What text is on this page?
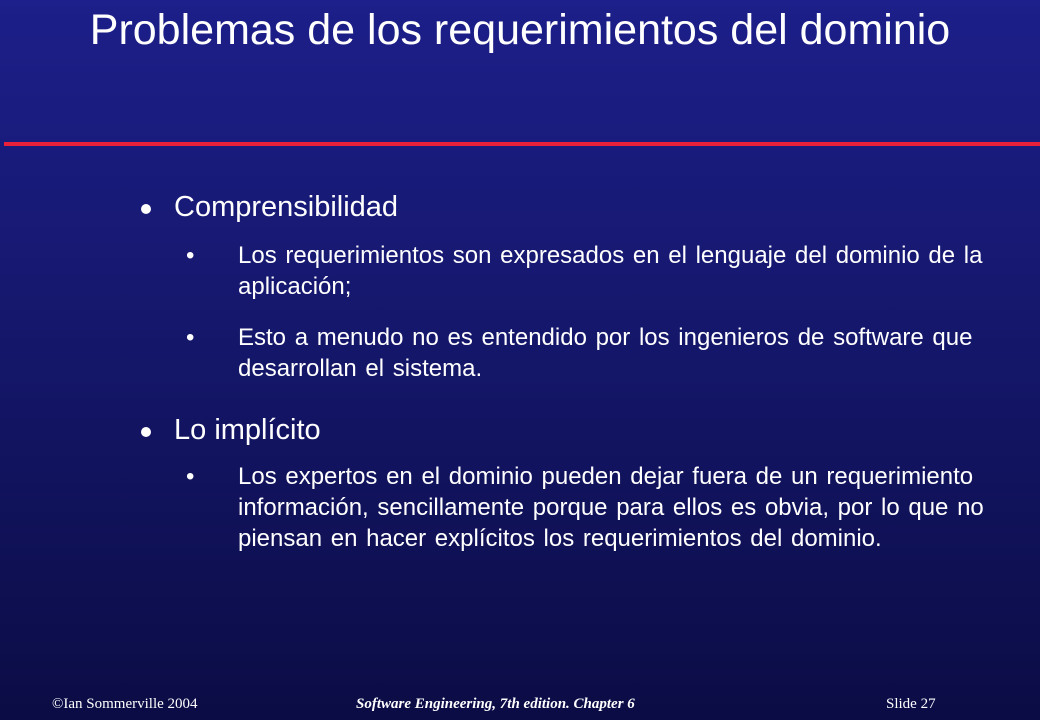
Problemas de los requerimientos del dominio
Comprensibilidad
• Los requerimientos son expresados en el lenguaje del dominio de la aplicación;
• Esto a menudo no es entendido por los ingenieros de software que desarrollan el sistema.
Lo implícito
• Los expertos en el dominio pueden dejar fuera de un requerimiento información, sencillamente porque para ellos es obvia, por lo que no piensan en hacer explícitos los requerimientos del dominio.
©Ian Sommerville 2004	Software Engineering, 7th edition. Chapter 6	Slide 27
